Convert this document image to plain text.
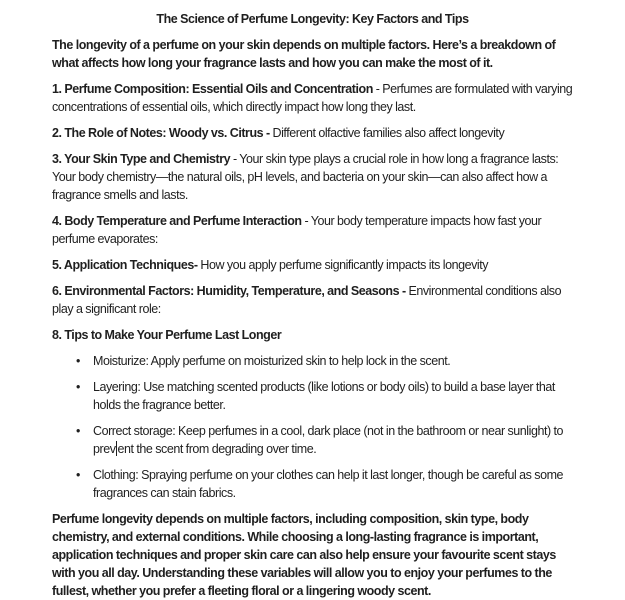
The Science of Perfume Longevity: Key Factors and Tips

The longevity of a perfume on your skin depends on multiple factors. Here’s a breakdown of what affects how long your fragrance lasts and how you can make the most of it.

1. Perfume Composition: Essential Oils and Concentration - Perfumes are formulated with varying concentrations of essential oils, which directly impact how long they last.

2. The Role of Notes: Woody vs. Citrus - Different olfactive families also affect longevity

3. Your Skin Type and Chemistry - Your skin type plays a crucial role in how long a fragrance lasts: Your body chemistry—the natural oils, pH levels, and bacteria on your skin—can also affect how a fragrance smells and lasts.

4. Body Temperature and Perfume Interaction - Your body temperature impacts how fast your perfume evaporates:

5. Application Techniques- How you apply perfume significantly impacts its longevity

6. Environmental Factors: Humidity, Temperature, and Seasons - Environmental conditions also play a significant role:

8. Tips to Make Your Perfume Last Longer

• Moisturize: Apply perfume on moisturized skin to help lock in the scent.
• Layering: Use matching scented products (like lotions or body oils) to build a base layer that holds the fragrance better.
• Correct storage: Keep perfumes in a cool, dark place (not in the bathroom or near sunlight) to prev ent the scent from degrading over time.
• Clothing: Spraying perfume on your clothes can help it last longer, though be careful as some fragrances can stain fabrics.

Perfume longevity depends on multiple factors, including composition, skin type, body chemistry, and external conditions. While choosing a long-lasting fragrance is important, application techniques and proper skin care can also help ensure your favourite scent stays with you all day. Understanding these variables will allow you to enjoy your perfumes to the fullest, whether you prefer a fleeting floral or a lingering woody scent.
